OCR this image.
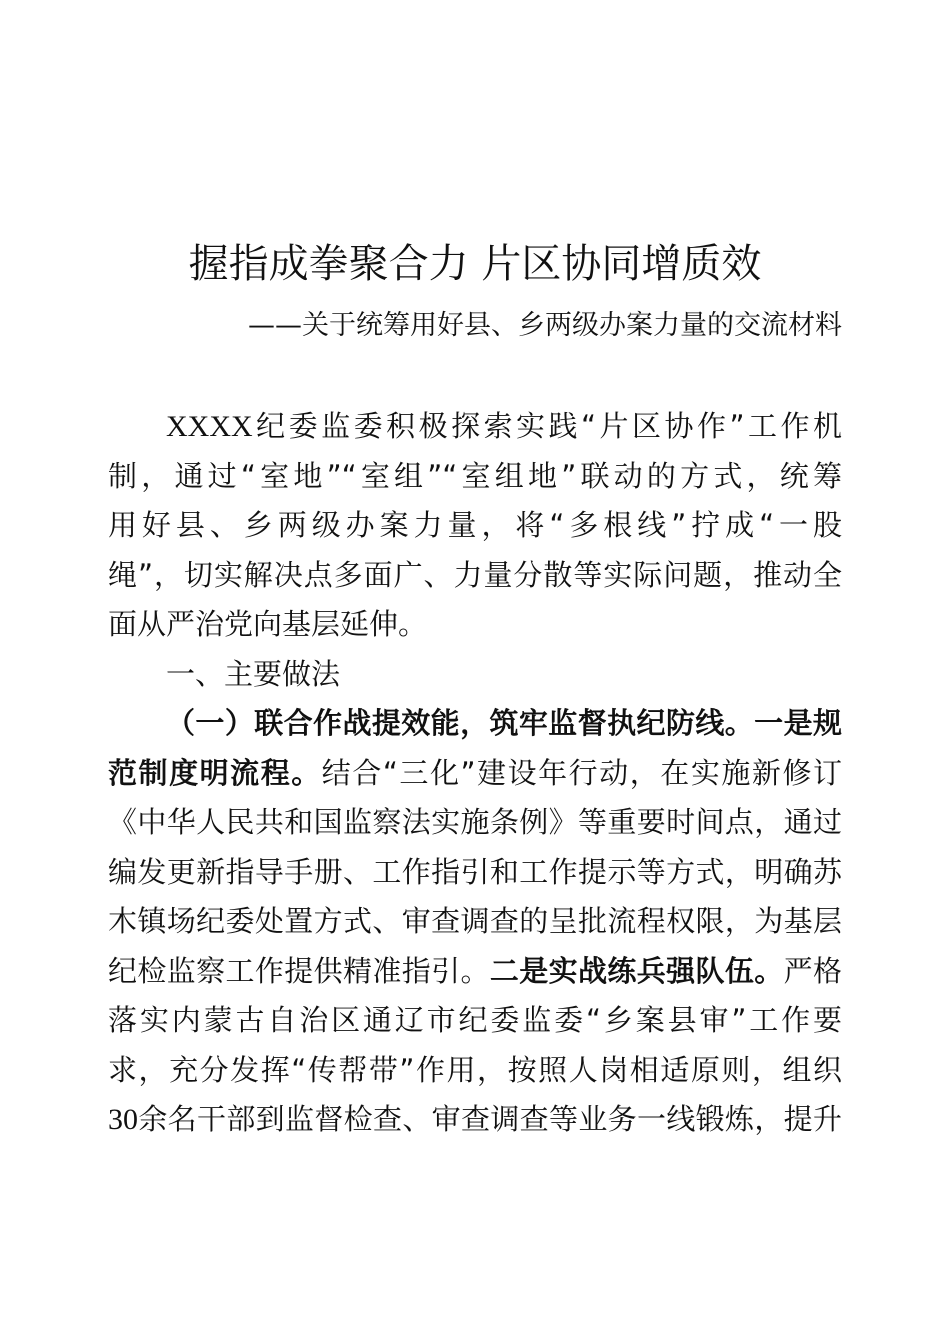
握指成拳聚合力 片区协同增质效
——关于统筹用好县、乡两级办案力量的交流材料
XXXX纪委监委积极探索实践“片区协作”工作机
制，通过“室地”“室组”“室组地”联动的方式，统筹
用好县、乡两级办案力量，将“多根线”拧成“一股
绳”，切实解决点多面广、力量分散等实际问题，推动全
面从严治党向基层延伸。
一、主要做法
（一）联合作战提效能，筑牢监督执纪防线。一是规
范制度明流程。结合“三化”建设年行动，在实施新修订
《中华人民共和国监察法实施条例》等重要时间点，通过
编发更新指导手册、工作指引和工作提示等方式，明确苏
木镇场纪委处置方式、审查调查的呈批流程权限，为基层
纪检监察工作提供精准指引。二是实战练兵强队伍。严格
落实内蒙古自治区通辽市纪委监委“乡案县审”工作要
求，充分发挥“传帮带”作用，按照人岗相适原则，组织
30余名干部到监督检查、审查调查等业务一线锻炼，提升
